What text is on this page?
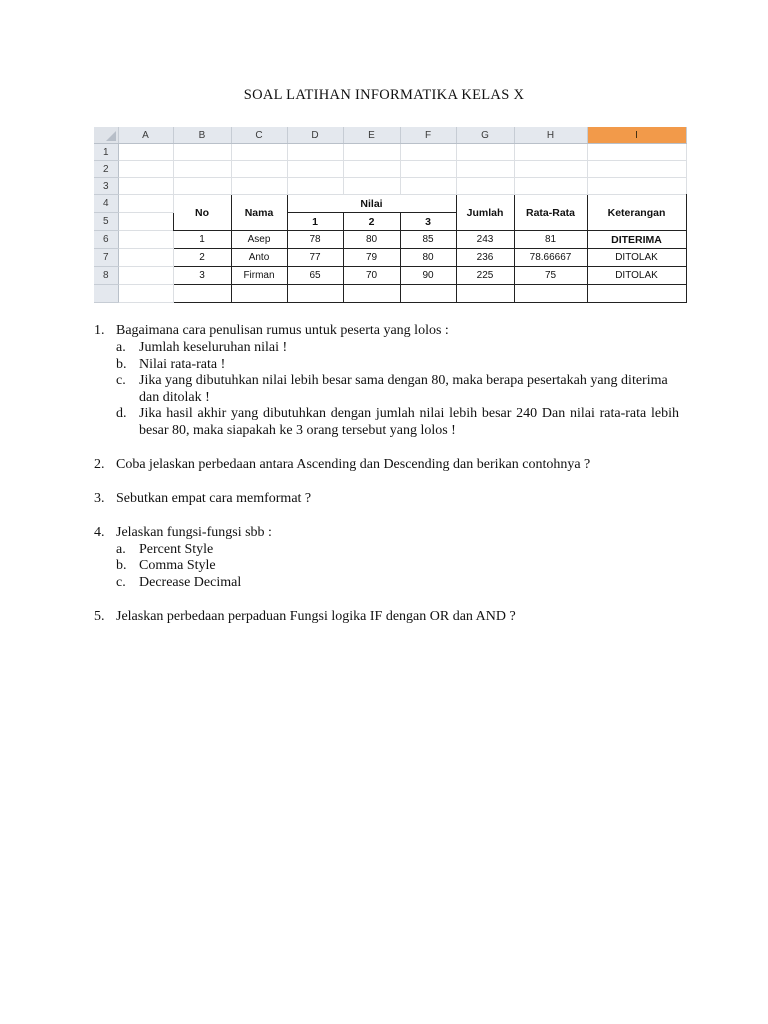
SOAL LATIHAN INFORMATIKA KELAS X
	A	B	C	D	E	F	G	H	I	
1										
2										
3										
4		No	Nama	Nilai			Jumlah	Rata-Rata	Keterangan	
5				1	2	3				
6		1	Asep	78	80	85	243	81	DITERIMA	
7		2	Anto	77	79	80	236	78.66667	DITOLAK	
8		3	Firman	65	70	90	225	75	DITOLAK	

1. Bagaimana cara penulisan rumus untuk peserta yang lolos :
a. Jumlah keseluruhan nilai !
b. Nilai rata-rata !
c. Jika yang dibutuhkan nilai lebih besar sama dengan 80, maka berapa pesertakah yang diterima dan ditolak !
d. Jika hasil akhir yang dibutuhkan dengan jumlah nilai lebih besar 240 Dan nilai rata-rata lebih besar 80, maka siapakah ke 3 orang tersebut yang lolos !
2. Coba jelaskan perbedaan antara Ascending dan Descending dan berikan contohnya ?
3. Sebutkan empat cara memformat ?
4. Jelaskan fungsi-fungsi sbb :
a. Percent Style
b. Comma Style
c. Decrease Decimal
5. Jelaskan perbedaan perpaduan Fungsi logika IF dengan OR dan AND ?
